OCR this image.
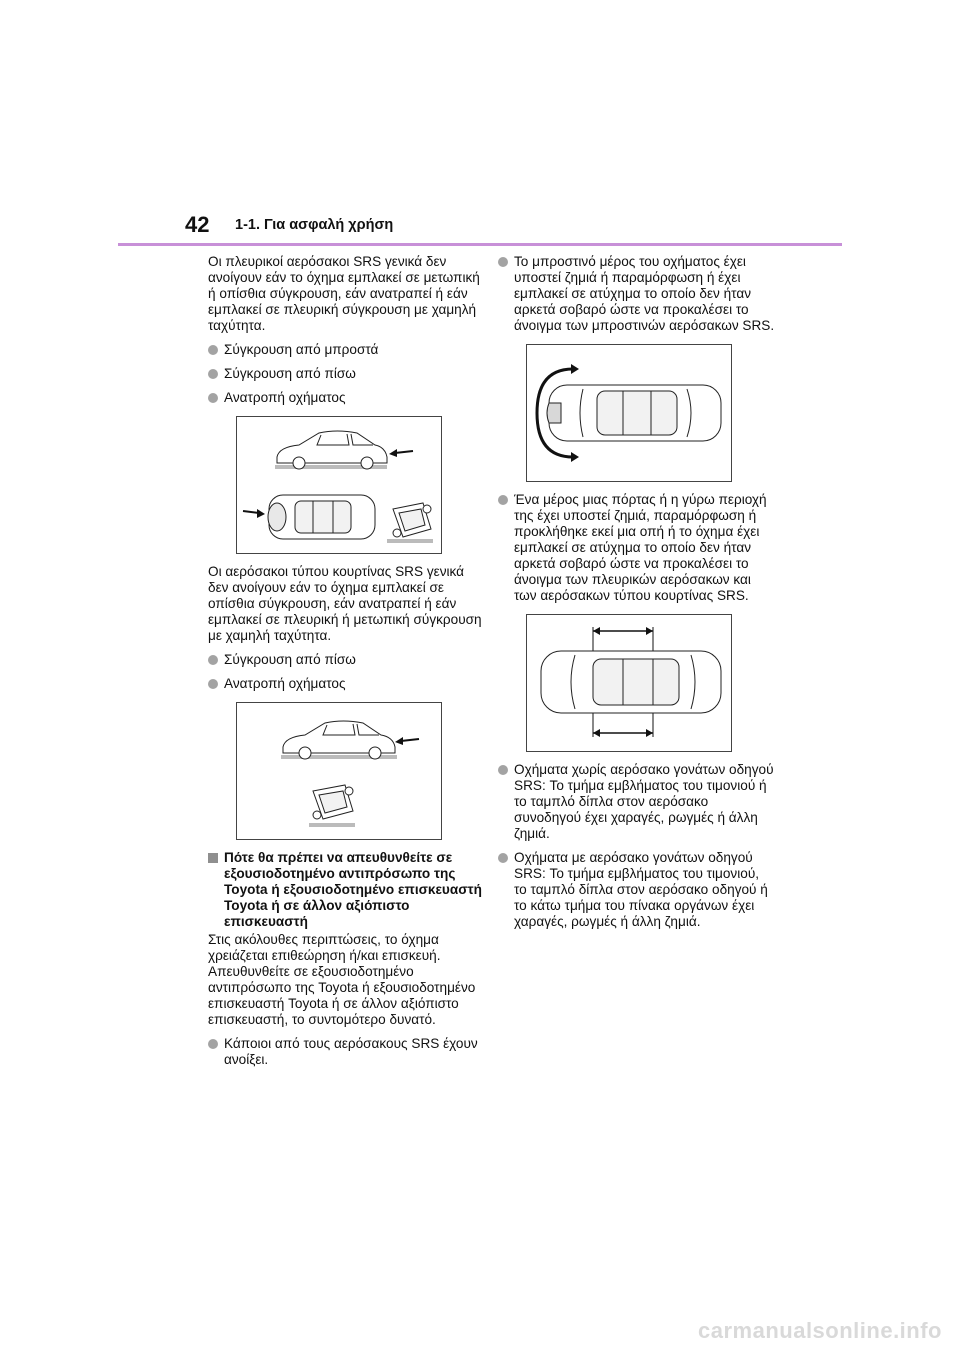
42 1-1. Για ασφαλή χρήση

Οι πλευρικοί αερόσακοι SRS γενικά δεν ανοίγουν εάν το όχημα εμπλακεί σε μετωπική ή οπίσθια σύγκρουση, εάν ανατραπεί ή εάν εμπλακεί σε πλευρική σύγκρουση με χαμηλή ταχύτητα.

Σύγκρουση από μπροστά
Σύγκρουση από πίσω
Ανατροπή οχήματος

Οι αερόσακοι τύπου κουρτίνας SRS γενικά δεν ανοίγουν εάν το όχημα εμπλακεί σε οπίσθια σύγκρουση, εάν ανατραπεί ή εάν εμπλακεί σε πλευρική ή μετωπική σύγκρουση με χαμηλή ταχύτητα.

Σύγκρουση από πίσω
Ανατροπή οχήματος
Πότε θα πρέπει να απευθυνθείτε σε εξουσιοδοτημένο αντιπρόσωπο της Toyota ή εξουσιοδοτημένο επισκευαστή Toyota ή σε άλλον αξιόπιστο επισκευαστή

Στις ακόλουθες περιπτώσεις, το όχημα χρειάζεται επιθεώρηση ή/και επισκευή. Απευθυνθείτε σε εξουσιοδοτημένο αντιπρόσωπο της Toyota ή εξουσιοδοτημένο επισκευαστή Toyota ή σε άλλον αξιόπιστο επισκευαστή, το συντομότερο δυνατό.

Κάποιοι από τους αερόσακους SRS έχουν ανοίξει.
Το μπροστινό μέρος του οχήματος έχει υποστεί ζημιά ή παραμόρφωση ή έχει εμπλακεί σε ατύχημα το οποίο δεν ήταν αρκετά σοβαρό ώστε να προκαλέσει το άνοιγμα των μπροστινών αερόσακων SRS.
Ένα μέρος μιας πόρτας ή η γύρω περιοχή της έχει υποστεί ζημιά, παραμόρφωση ή προκλήθηκε εκεί μια οπή ή το όχημα έχει εμπλακεί σε ατύχημα το οποίο δεν ήταν αρκετά σοβαρό ώστε να προκαλέσει το άνοιγμα των πλευρικών αερόσακων και των αερόσακων τύπου κουρτίνας SRS.
Οχήματα χωρίς αερόσακο γονάτων οδηγού SRS: Το τμήμα εμβλήματος του τιμονιού ή το ταμπλό δίπλα στον αερόσακο συνοδηγού έχει χαραγές, ρωγμές ή άλλη ζημιά.
Οχήματα με αερόσακο γονάτων οδηγού SRS: Το τμήμα εμβλήματος του τιμονιού, το ταμπλό δίπλα στον αερόσακο οδηγού ή το κάτω τμήμα του πίνακα οργάνων έχει χαραγές, ρωγμές ή άλλη ζημιά.
carmanualsonline.info
